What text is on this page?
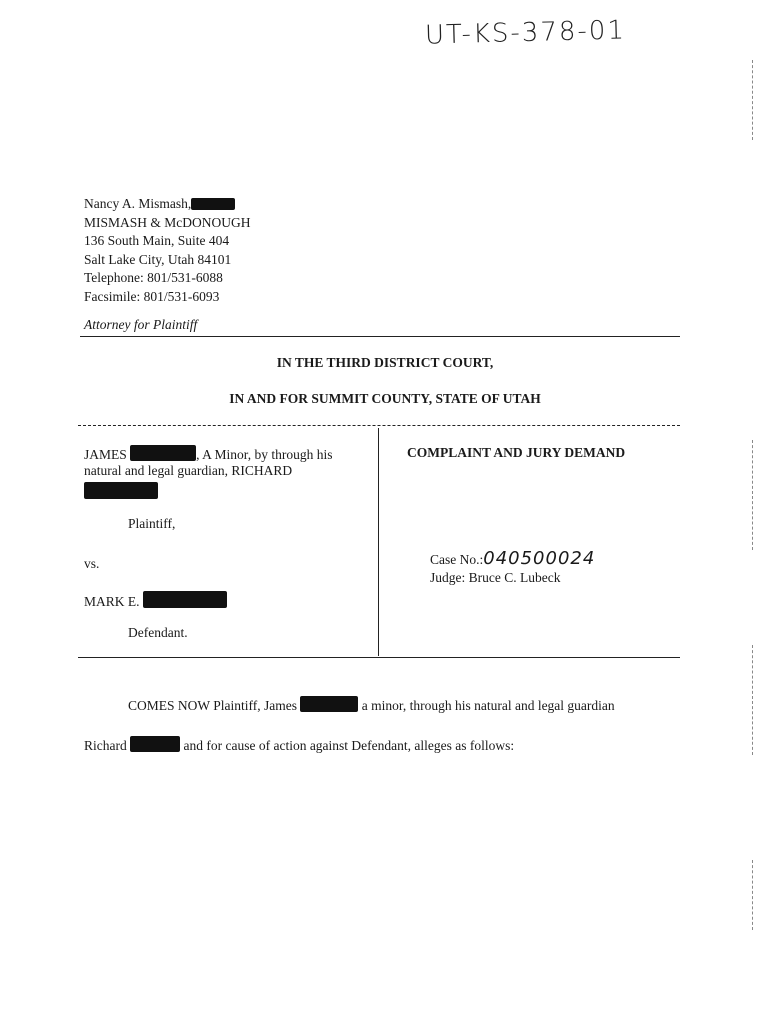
UT-KS-378-01
Nancy A. Mismash,
MISMASH & McDONOUGH
136 South Main, Suite 404
Salt Lake City, Utah 84101
Telephone: 801/531-6088
Facsimile: 801/531-6093
Attorney for Plaintiff
IN THE THIRD DISTRICT COURT,
IN AND FOR SUMMIT COUNTY, STATE OF UTAH
JAMES	, A Minor, by through his
natural and legal guardian, RICHARD
Plaintiff,
vs.
MARK E.
Defendant.
COMPLAINT AND JURY DEMAND
Case No.:040500024
Judge: Bruce C. Lubeck
COMES NOW Plaintiff, James	a minor, through his natural and legal guardian
Richard	and for cause of action against Defendant, alleges as follows:
